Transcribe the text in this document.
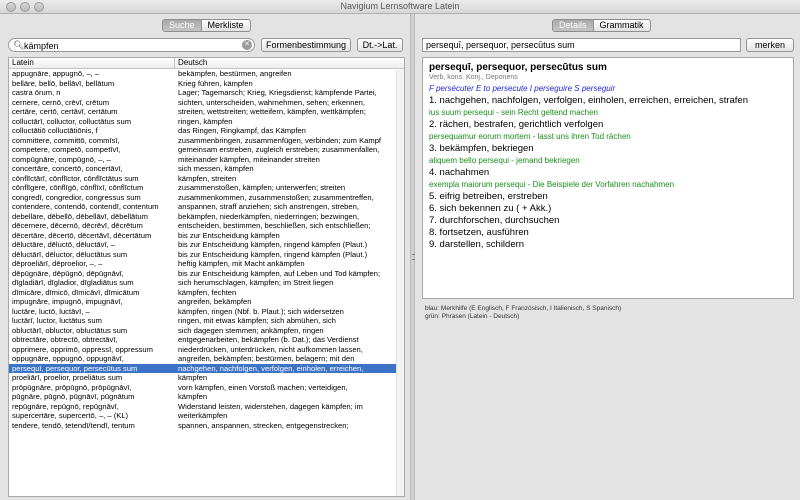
Navigium Lernsoftware Latein
Suche	Merkliste
🔍︎
kämpfen	✕	Formenbestimmung	Dt.->Lat.
Latein	Deutsch
appugnāre, appugnō, –, –	bekämpfen, bestürmen, angreifen
belläre, bellō, bellāvī, bellātum	Krieg führen, kämpfen
castra ōrum, n	Lager; Tagemarsch; Krieg, Kriegsdienst; kämpfende Partei,
cernere, cernō, crēvī, crētum	sichten, unterscheiden, wahrnehmen, sehen; erkennen,
certāre, certō, certāvī, certātum	streiten, wettstreiten; wetteifern, kämpfen, wettkämpfen;
colluctārī, colluctor, colluctātus sum	ringen, kämpfen
colluctātiō colluctātiōnis, f	das Ringen, Ringkampf, das Kämpfen
committere, committō, commīsī,	zusammenbringen, zusammenfügen, verbinden; zum Kampf
competere, competō, competīvī,	gemeinsam erstreben, zugleich erstreben; zusammenfallen,
compūgnāre, compūgnō, –, –	miteinander kämpfen, miteinander streiten
concertāre, concertō, concertāvī,	sich messen, kämpfen
cōnflīctārī, cōnflīctor, cōnflīctātus sum	kämpfen, streiten
cōnflīgere, cōnflīgō, cōnflīxī, cōnflīctum	zusammenstoßen, kämpfen; unterwerfen; streiten
congredī, congredior, congressus sum	zusammenkommen, zusammenstoßen; zusammentreffen,
contendere, contendō, contendī, contentum	anspannen, straff anziehen; sich anstrengen, streben,
debelläre, dēbellō, dēbellāvī, dēbellātum	bekämpfen, niederkämpfen, niederringen; bezwingen,
dēcernere, dēcernō, dēcrēvī, dēcrētum	entscheiden, bestimmen, beschließen, sich entschließen;
dēcertāre, dēcertō, dēcertāvī, dēcertātum	bis zur Entscheidung kämpfen
dēluctāre, dēluctō, dēluctāvī, –	bis zur Entscheidung kämpfen, ringend kämpfen (Plaut.)
dēluctārī, dēluctor, dēluctātus sum	bis zur Entscheidung kämpfen, ringend kämpfen (Plaut.)
dēproeliārī, dēproelior, –, –	heftig kämpfen, mit Macht ankämpfen
dēpūgnāre, dēpūgnō, dēpūgnāvī,	bis zur Entscheidung kämpfen, auf Leben und Tod kämpfen;
dīgladiārī, dīgladior, dīgladiātus sum	sich herumschlagen, kämpfen; im Streit liegen
dīmicāre, dīmicō, dīmicāvī, dīmicātum	kämpfen, fechten
impugnāre, impugnō, impugnāvī,	angreifen, bekämpfen
luctāre, luctō, luctāvī, –	kämpfen, ringen (Nbf. b. Plaut.); sich widersetzen
luctārī, luctor, luctātus sum	ringen, mit etwas kämpfen; sich abmühen, sich
obluctārī, obluctor, obluctātus sum	sich dagegen stemmen; ankämpfen, ringen
obtrectāre, obtrectō, obtrectāvī,	entgegenarbeiten, bekämpfen (b. Dat.); das Verdienst
opprimere, opprimō, oppressī, oppressum	niederdrücken, unterdrücken, nicht aufkommen lassen,
oppugnāre, oppugnō, oppugnāvī,	angreifen, bekämpfen; bestürmen, belagern; mit den
persequī, persequor, persecūtus sum	nachgehen, nachfolgen, verfolgen, einholen, erreichen,
proeliārī, proelior, proeliātus sum	kämpfen
prōpūgnāre, prōpūgnō, prōpūgnāvī,	vorn kämpfen, einen Vorstoß machen; verteidigen,
pūgnāre, pūgnō, pūgnāvī, pūgnātum	kämpfen
repūgnāre, repūgnō, repūgnāvī,	Widerstand leisten, widerstehen, dagegen kämpfen; im
supercertāre, supercertō, –, – (KL)	weiterkämpfen
tendere, tendō, tetendī/tendī, tentum	spannen, anspannen, strecken, entgegenstrecken;
Details	Grammatik
persequī, persequor, persecūtus sum
merken
persequī, persequor, persecūtus sum
Verb, kons. Konj., Deponens
F persécuter E to persecute I perseguire S perseguir
1. nachgehen, nachfolgen, verfolgen, einholen, erreichen, erreichen, strafen
ius suum persequi - sein Recht geltend machen
2. rächen, bestrafen, gerichtlich verfolgen
persequamur eorum mortem - lasst uns ihren Tod rächen
3. bekämpfen, bekriegen
aliquem bello persequi - jemand bekriegen
4. nachahmen
exempla maiorum persequi - Die Beispiele der Vorfahren nachahmen
5. eifrig betreiben, erstreben
6. sich bekennen zu ( + Akk.)
7. durchforschen, durchsuchen
8. fortsetzen, ausführen
9. darstellen, schildern
blau: Merkhilfe (E Englisch, F Französisch, I Italienisch, S Spanisch)
grün: Phrasen (Latein - Deutsch)
